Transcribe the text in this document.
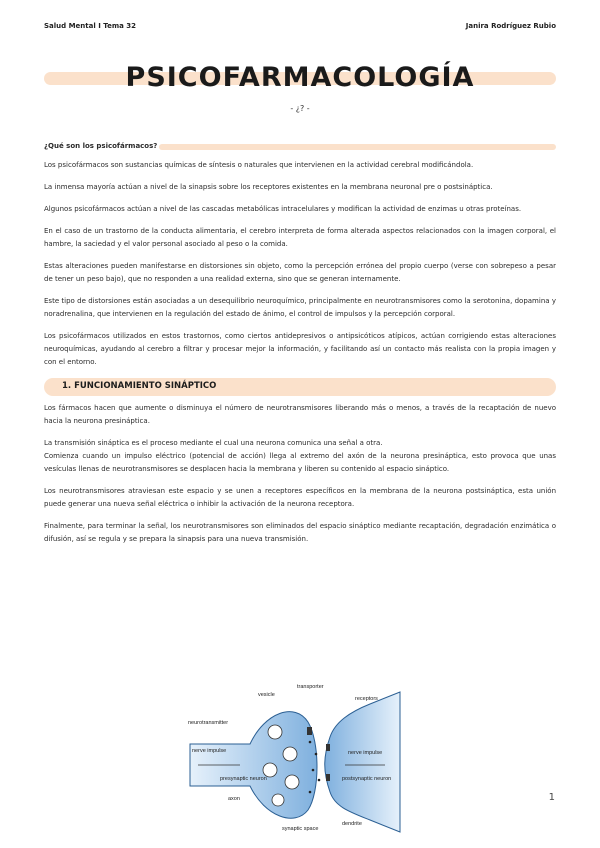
Salud Mental I Tema 32	Janira Rodríguez Rubio
PSICOFARMACOLOGÍA
- ¿? -
¿Qué son los psicofármacos?

Los psicofármacos son sustancias químicas de síntesis o naturales que intervienen en la actividad cerebral modificándola.

La inmensa mayoría actúan a nivel de la sinapsis sobre los receptores existentes en la membrana neuronal pre o postsináptica.

Algunos psicofármacos actúan a nivel de las cascadas metabólicas intracelulares y modifican la actividad de enzimas u otras proteínas.

En el caso de un trastorno de la conducta alimentaria, el cerebro interpreta de forma alterada aspectos relacionados con la imagen corporal, el hambre, la saciedad y el valor personal asociado al peso o la comida.

Estas alteraciones pueden manifestarse en distorsiones sin objeto, como la percepción errónea del propio cuerpo (verse con sobrepeso a pesar de tener un peso bajo), que no responden a una realidad externa, sino que se generan internamente.

Este tipo de distorsiones están asociadas a un desequilibrio neuroquímico, principalmente en neurotransmisores como la serotonina, dopamina y noradrenalina, que intervienen en la regulación del estado de ánimo, el control de impulsos y la percepción corporal.

Los psicofármacos utilizados en estos trastornos, como ciertos antidepresivos o antipsicóticos atípicos, actúan corrigiendo estas alteraciones neuroquímicas, ayudando al cerebro a filtrar y procesar mejor la información, y facilitando así un contacto más realista con la propia imagen y con el entorno.

1. FUNCIONAMIENTO SINÁPTICO

Los fármacos hacen que aumente o disminuya el número de neurotransmisores liberando más o menos, a través de la recaptación de nuevo hacia la neurona presináptica.

La transmisión sináptica es el proceso mediante el cual una neurona comunica una señal a otra.

Comienza cuando un impulso eléctrico (potencial de acción) llega al extremo del axón de la neurona presináptica, esto provoca que unas vesículas llenas de neurotransmisores se desplacen hacia la membrana y liberen su contenido al espacio sináptico.

Los neurotransmisores atraviesan este espacio y se unen a receptores específicos en la membrana de la neurona postsináptica, esta unión puede generar una nueva señal eléctrica o inhibir la activación de la neurona receptora.

Finalmente, para terminar la señal, los neurotransmisores son eliminados del espacio sináptico mediante recaptación, degradación enzimática o difusión, así se regula y se prepara la sinapsis para una nueva transmisión.

vesicle
transporter
receptors
neurotransmitter
nerve impulse	nerve impulse
presynaptic neuron	postsynaptic neuron
axon
dendrite
synaptic space
1
